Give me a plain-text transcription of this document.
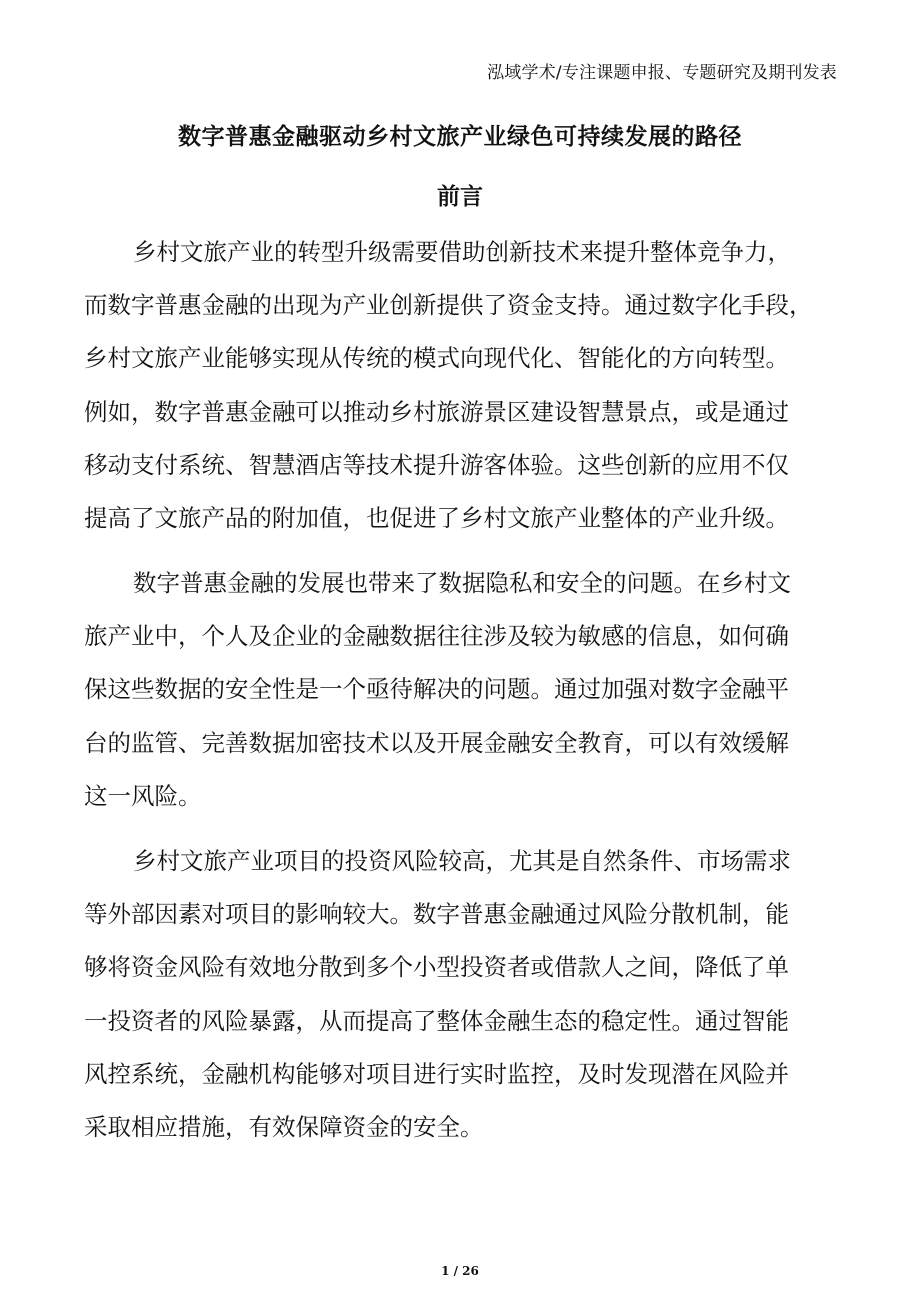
泓域学术/专注课题申报、专题研究及期刊发表
数字普惠金融驱动乡村文旅产业绿色可持续发展的路径
前言
乡村文旅产业的转型升级需要借助创新技术来提升整体竞争力，
而数字普惠金融的出现为产业创新提供了资金支持。通过数字化手段，
乡村文旅产业能够实现从传统的模式向现代化、智能化的方向转型。
例如，数字普惠金融可以推动乡村旅游景区建设智慧景点，或是通过
移动支付系统、智慧酒店等技术提升游客体验。这些创新的应用不仅
提高了文旅产品的附加值，也促进了乡村文旅产业整体的产业升级。
数字普惠金融的发展也带来了数据隐私和安全的问题。在乡村文
旅产业中，个人及企业的金融数据往往涉及较为敏感的信息，如何确
保这些数据的安全性是一个亟待解决的问题。通过加强对数字金融平
台的监管、完善数据加密技术以及开展金融安全教育，可以有效缓解
这一风险。
乡村文旅产业项目的投资风险较高，尤其是自然条件、市场需求
等外部因素对项目的影响较大。数字普惠金融通过风险分散机制，能
够将资金风险有效地分散到多个小型投资者或借款人之间，降低了单
一投资者的风险暴露，从而提高了整体金融生态的稳定性。通过智能
风控系统，金融机构能够对项目进行实时监控，及时发现潜在风险并
采取相应措施，有效保障资金的安全。
1 / 26
